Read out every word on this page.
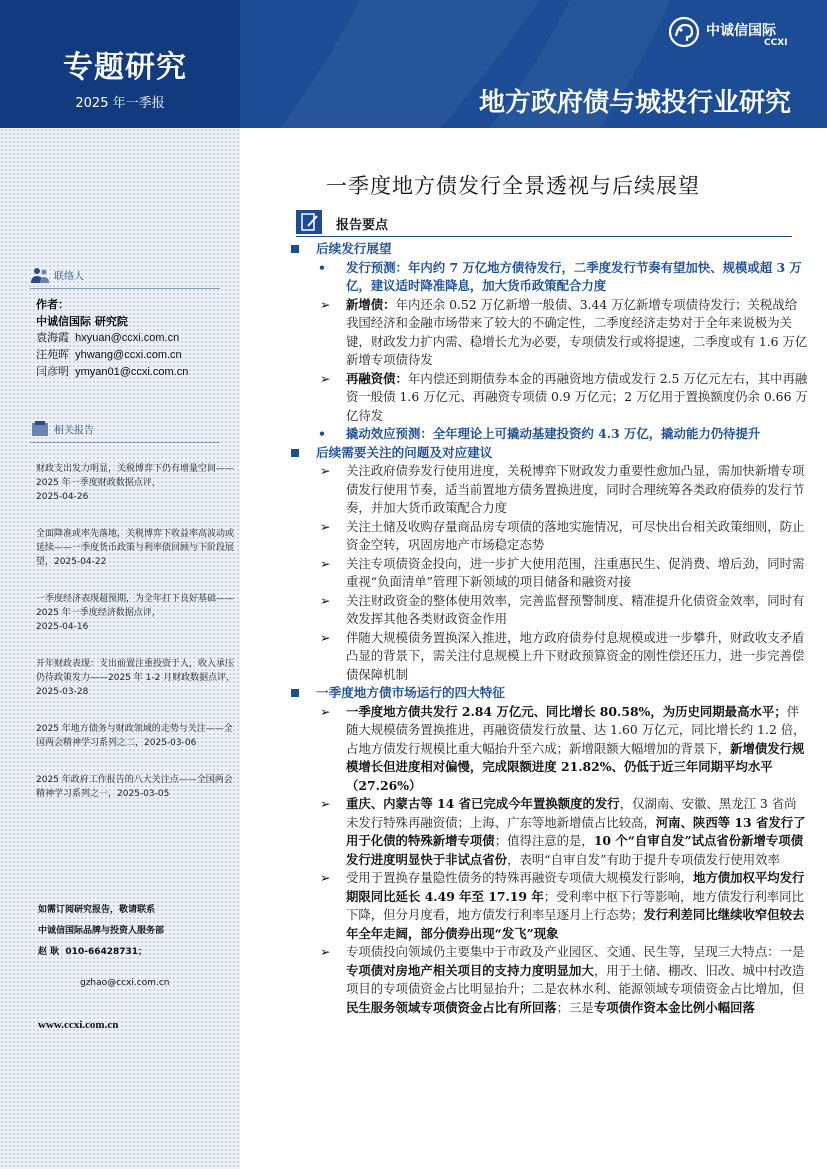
专题研究
2025 年一季报
中诚信国际
CCXI
地方政府债与城投行业研究
联络人
作者：
中诚信国际 研究院
袁海霞 hxyuan@ccxi.com.cn
汪苑晖 yhwang@ccxi.com.cn
闫彦明 ymyan01@ccxi.com.cn
相关报告
财政支出发力明显，关税博弈下仍有增量空间——2025 年一季度财政数据点评，
2025-04-26
全面降准或率先落地，关税博弈下收益率高波动或延续——一季度货币政策与利率债回顾与下阶段展望，2025-04-22
一季度经济表现超预期，为全年打下良好基础——2025 年一季度经济数据点评，
2025-04-16
开年财政表现：支出前置注重投资于人，收入承压仍待政策发力——2025 年 1-2 月财政数据点评，2025-03-28
2025 年地方债务与财政领域的走势与关注——全国两会精神学习系列之二，2025-03-06
2025 年政府工作报告的八大关注点——全国两会精神学习系列之一，2025-03-05
如需订阅研究报告，敬请联系
中诚信国际品牌与投资人服务部
赵 耿 010-66428731；
gzhao@ccxi.com.cn
www.ccxi.com.cn
一季度地方债发行全景透视与后续展望
报告要点
后续发行展望
• 发行预测：年内约 7 万亿地方债待发行，二季度发行节奏有望加快、规模或超 3 万亿，建议适时降准降息，加大货币政策配合力度
➢ 新增债：年内还余 0.52 万亿新增一般债、3.44 万亿新增专项债待发行；关税战给我国经济和金融市场带来了较大的不确定性，二季度经济走势对于全年来说极为关键，财政发力扩内需、稳增长尤为必要，专项债发行或将提速，二季度或有 1.6 万亿新增专项债待发
➢ 再融资债：年内偿还到期债券本金的再融资地方债或发行 2.5 万亿元左右，其中再融资一般债 1.6 万亿元、再融资专项债 0.9 万亿元；2 万亿用于置换额度仍余 0.66 万亿待发
• 撬动效应预测：全年理论上可撬动基建投资约 4.3 万亿，撬动能力仍待提升
后续需要关注的问题及对应建议
➢ 关注政府债券发行使用进度，关税博弈下财政发力重要性愈加凸显，需加快新增专项债发行使用节奏，适当前置地方债务置换进度，同时合理统筹各类政府债券的发行节奏，并加大货币政策配合力度
➢ 关注土储及收购存量商品房专项债的落地实施情况，可尽快出台相关政策细则，防止资金空转，巩固房地产市场稳定态势
➢ 关注专项债资金投向，进一步扩大使用范围，注重惠民生、促消费、增后劲，同时需重视“负面清单”管理下新领域的项目储备和融资对接
➢ 关注财政资金的整体使用效率，完善监督预警制度、精准提升化债资金效率，同时有效发挥其他各类财政资金作用
➢ 伴随大规模债务置换深入推进，地方政府债券付息规模或进一步攀升，财政收支矛盾凸显的背景下，需关注付息规模上升下财政预算资金的刚性偿还压力，进一步完善偿债保障机制
一季度地方债市场运行的四大特征
➢ 一季度地方债共发行 2.84 万亿元、同比增长 80.58%，为历史同期最高水平；伴随大规模债务置换推进，再融资债发行放量、达 1.60 万亿元，同比增长约 1.2 倍，占地方债发行规模比重大幅抬升至六成；新增限额大幅增加的背景下，新增债发行规模增长但进度相对偏慢，完成限额进度 21.82%、仍低于近三年同期平均水平（27.26%）
➢ 重庆、内蒙古等 14 省已完成今年置换额度的发行，仅湖南、安徽、黑龙江 3 省尚未发行特殊再融资债；上海、广东等地新增债占比较高，河南、陕西等 13 省发行了用于化债的特殊新增专项债；值得注意的是，10 个“自审自发”试点省份新增专项债发行进度明显快于非试点省份，表明“自审自发”有助于提升专项债发行使用效率
➢ 受用于置换存量隐性债务的特殊再融资专项债大规模发行影响，地方债加权平均发行期限同比延长 4.49 年至 17.19 年；受利率中枢下行等影响，地方债发行利率同比下降，但分月度看，地方债发行利率呈逐月上行态势；发行利差同比继续收窄但较去年全年走阔，部分债券出现“发飞”现象
➢ 专项债投向领域仍主要集中于市政及产业园区、交通、民生等，呈现三大特点：一是专项债对房地产相关项目的支持力度明显加大，用于土储、棚改、旧改、城中村改造项目的专项债资金占比明显抬升；二是农林水利、能源领域专项债资金占比增加，但民生服务领域专项债资金占比有所回落；三是专项债作资本金比例小幅回落
